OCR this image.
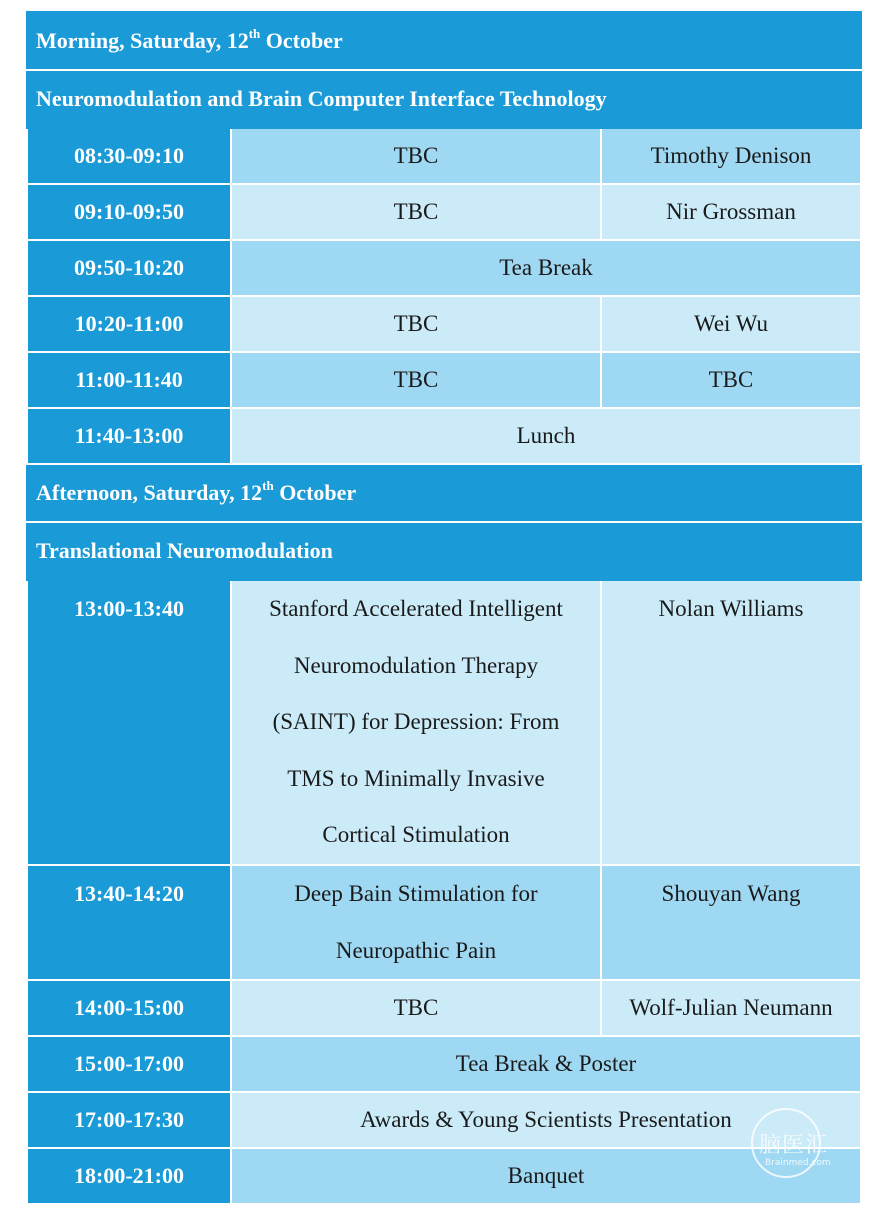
Morning, Saturday, 12th October		
Neuromodulation and Brain Computer Interface Technology		
08:30-09:10	TBC	Timothy Denison
09:10-09:50	TBC	Nir Grossman
09:50-10:20	Tea Break	
10:20-11:00	TBC	Wei Wu
11:00-11:40	TBC	TBC
11:40-13:00	Lunch	
Afternoon, Saturday, 12th October		
Translational Neuromodulation		
13:00-13:40	Stanford Accelerated Intelligent
Neuromodulation Therapy
(SAINT) for Depression: From
TMS to Minimally Invasive
Cortical Stimulation	Nolan Williams
13:40-14:20	Deep Bain Stimulation for
Neuropathic Pain	Shouyan Wang
14:00-15:00	TBC	Wolf-Julian Neumann
15:00-17:00	Tea Break & Poster	
17:00-17:30	Awards & Young Scientists Presentation	
18:00-21:00	Banquet	
脑医汇
Brainmed.com
